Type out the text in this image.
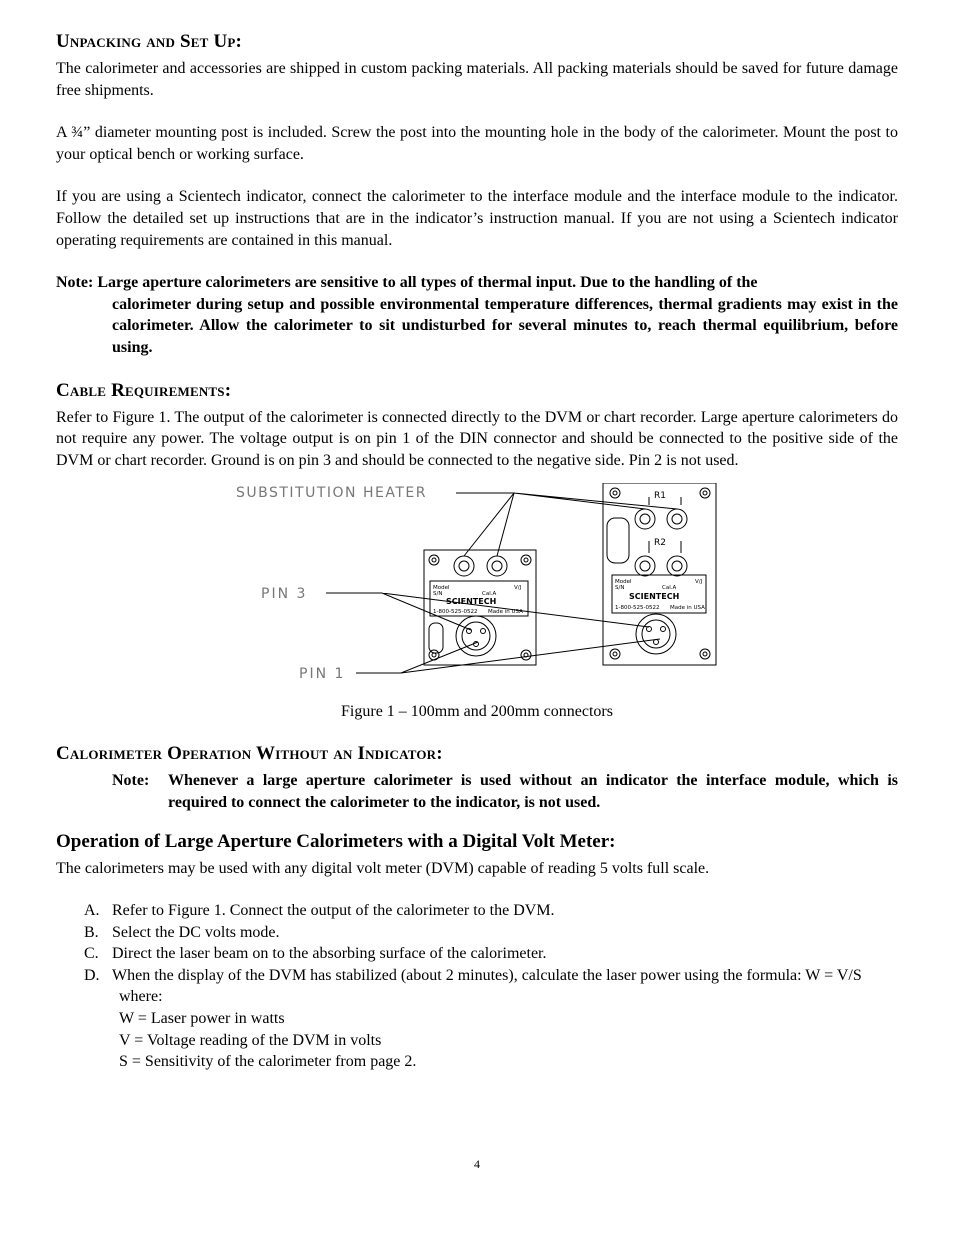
Unpacking and Set Up:

The calorimeter and accessories are shipped in custom packing materials. All packing materials should be saved for future damage free shipments.

A ¾” diameter mounting post is included. Screw the post into the mounting hole in the body of the calorimeter. Mount the post to your optical bench or working surface.

If you are using a Scientech indicator, connect the calorimeter to the interface module and the interface module to the indicator. Follow the detailed set up instructions that are in the indicator’s instruction manual. If you are not using a Scientech indicator operating requirements are contained in this manual.

Note: Large aperture calorimeters are sensitive to all types of thermal input. Due to the handling of the
calorimeter during setup and possible environmental temperature differences, thermal gradients may exist in the calorimeter. Allow the calorimeter to sit undisturbed for several minutes to, reach thermal equilibrium, before using.
Cable Requirements:

Refer to Figure 1. The output of the calorimeter is connected directly to the DVM or chart recorder. Large aperture calorimeters do not require any power. The voltage output is on pin 1 of the DIN connector and should be connected to the positive side of the DVM or chart recorder. Ground is on pin 3 and should be connected to the negative side. Pin 2 is not used.

SUBSTITUTION HEATER
PIN 3
PIN 1
R1
R2
Model
S/N
V/J
Cal.A
SCIENTECH
1-800-525-0522 Made in USA
Model
S/N
V/J
Cal.A
SCIENTECH
1-800-525-0522 Made in USA
Figure 1 – 100mm and 200mm connectors
Calorimeter Operation Without an Indicator:
Note:	Whenever a large aperture calorimeter is used without an indicator the interface module, which is required to connect the calorimeter to the indicator, is not used.
Operation of Large Aperture Calorimeters with a Digital Volt Meter:

The calorimeters may be used with any digital volt meter (DVM) capable of reading 5 volts full scale.

A. Refer to Figure 1. Connect the output of the calorimeter to the DVM.
B. Select the DC volts mode.
C. Direct the laser beam on to the absorbing surface of the calorimeter.
D. When the display of the DVM has stabilized (about 2 minutes), calculate the laser power using the formula: W = V/S
where:
W = Laser power in watts
V = Voltage reading of the DVM in volts
S = Sensitivity of the calorimeter from page 2.
4
